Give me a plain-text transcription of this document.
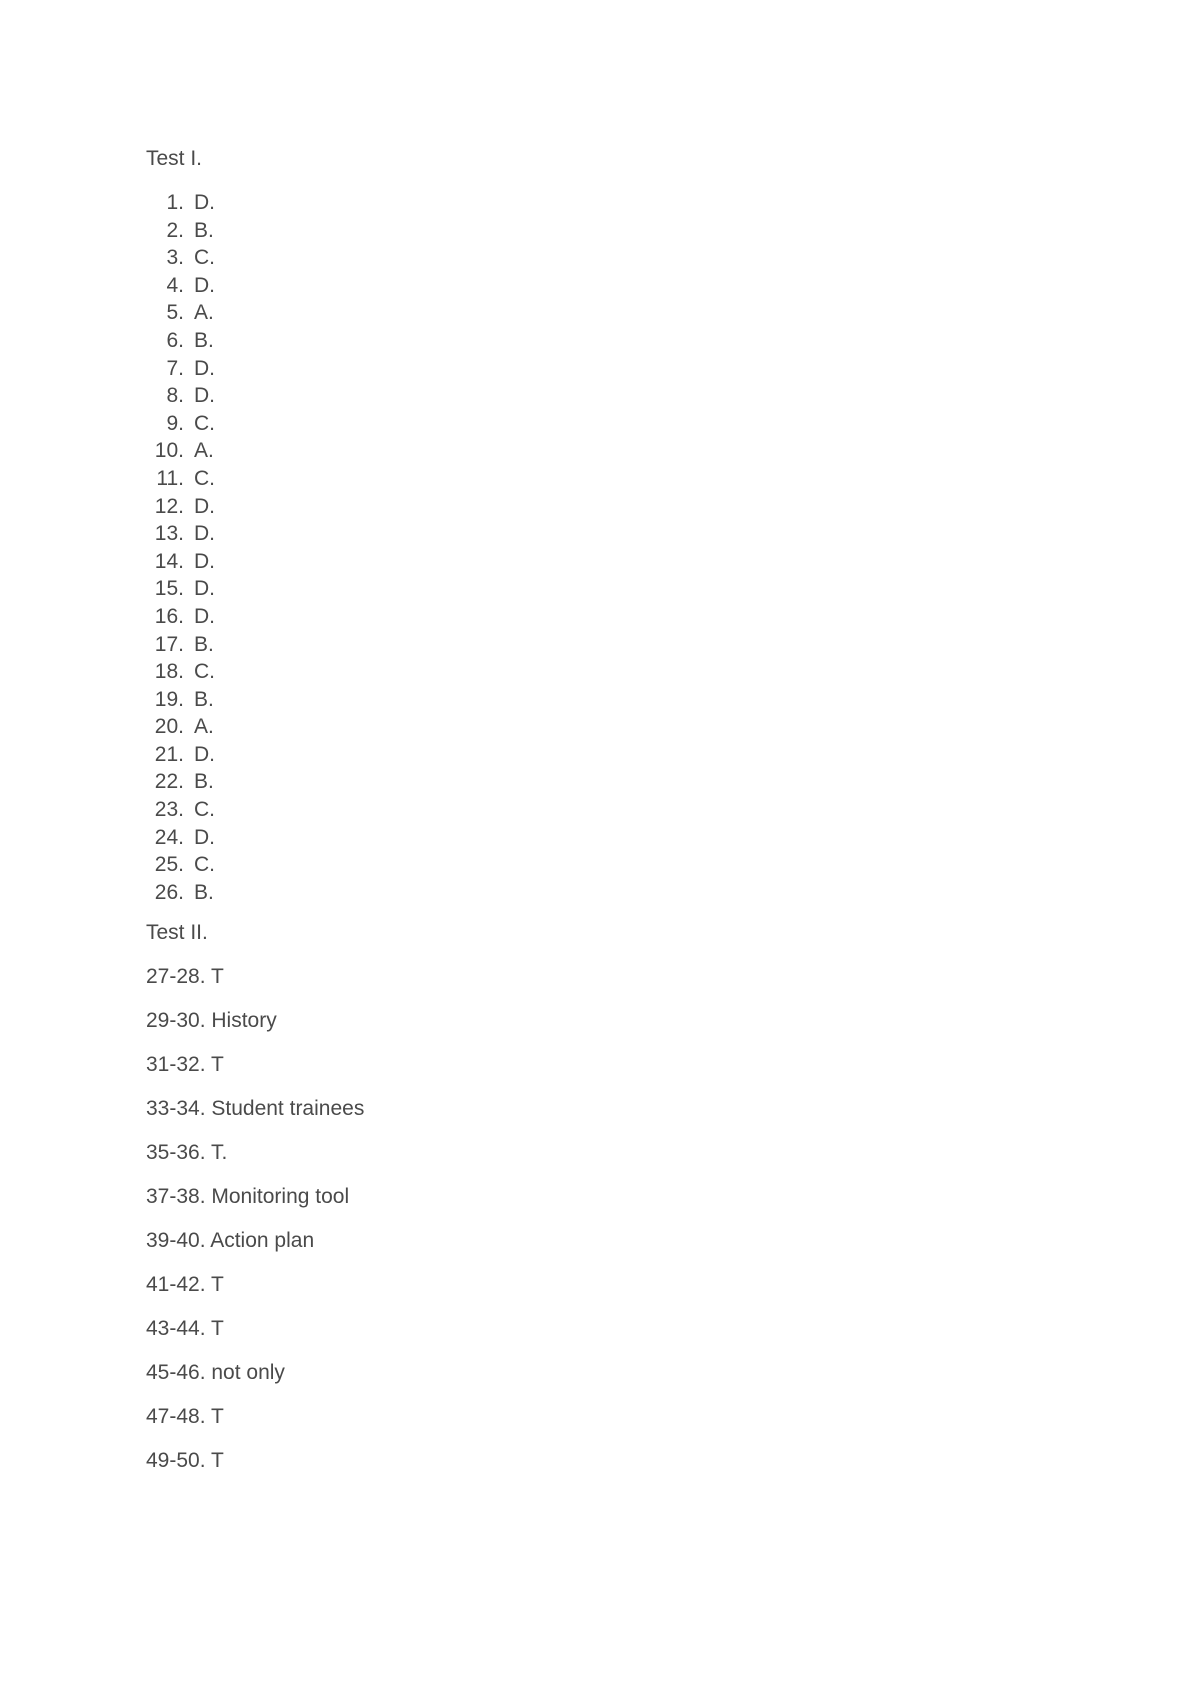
Test I.
1. D.
2. B.
3. C.
4. D.
5. A.
6. B.
7. D.
8. D.
9. C.
10. A.
11. C.
12. D.
13. D.
14. D.
15. D.
16. D.
17. B.
18. C.
19. B.
20. A.
21. D.
22. B.
23. C.
24. D.
25. C.
26. B.
Test II.
27-28. T
29-30. History
31-32. T
33-34. Student trainees
35-36. T.
37-38. Monitoring tool
39-40. Action plan
41-42. T
43-44. T
45-46. not only
47-48. T
49-50. T
